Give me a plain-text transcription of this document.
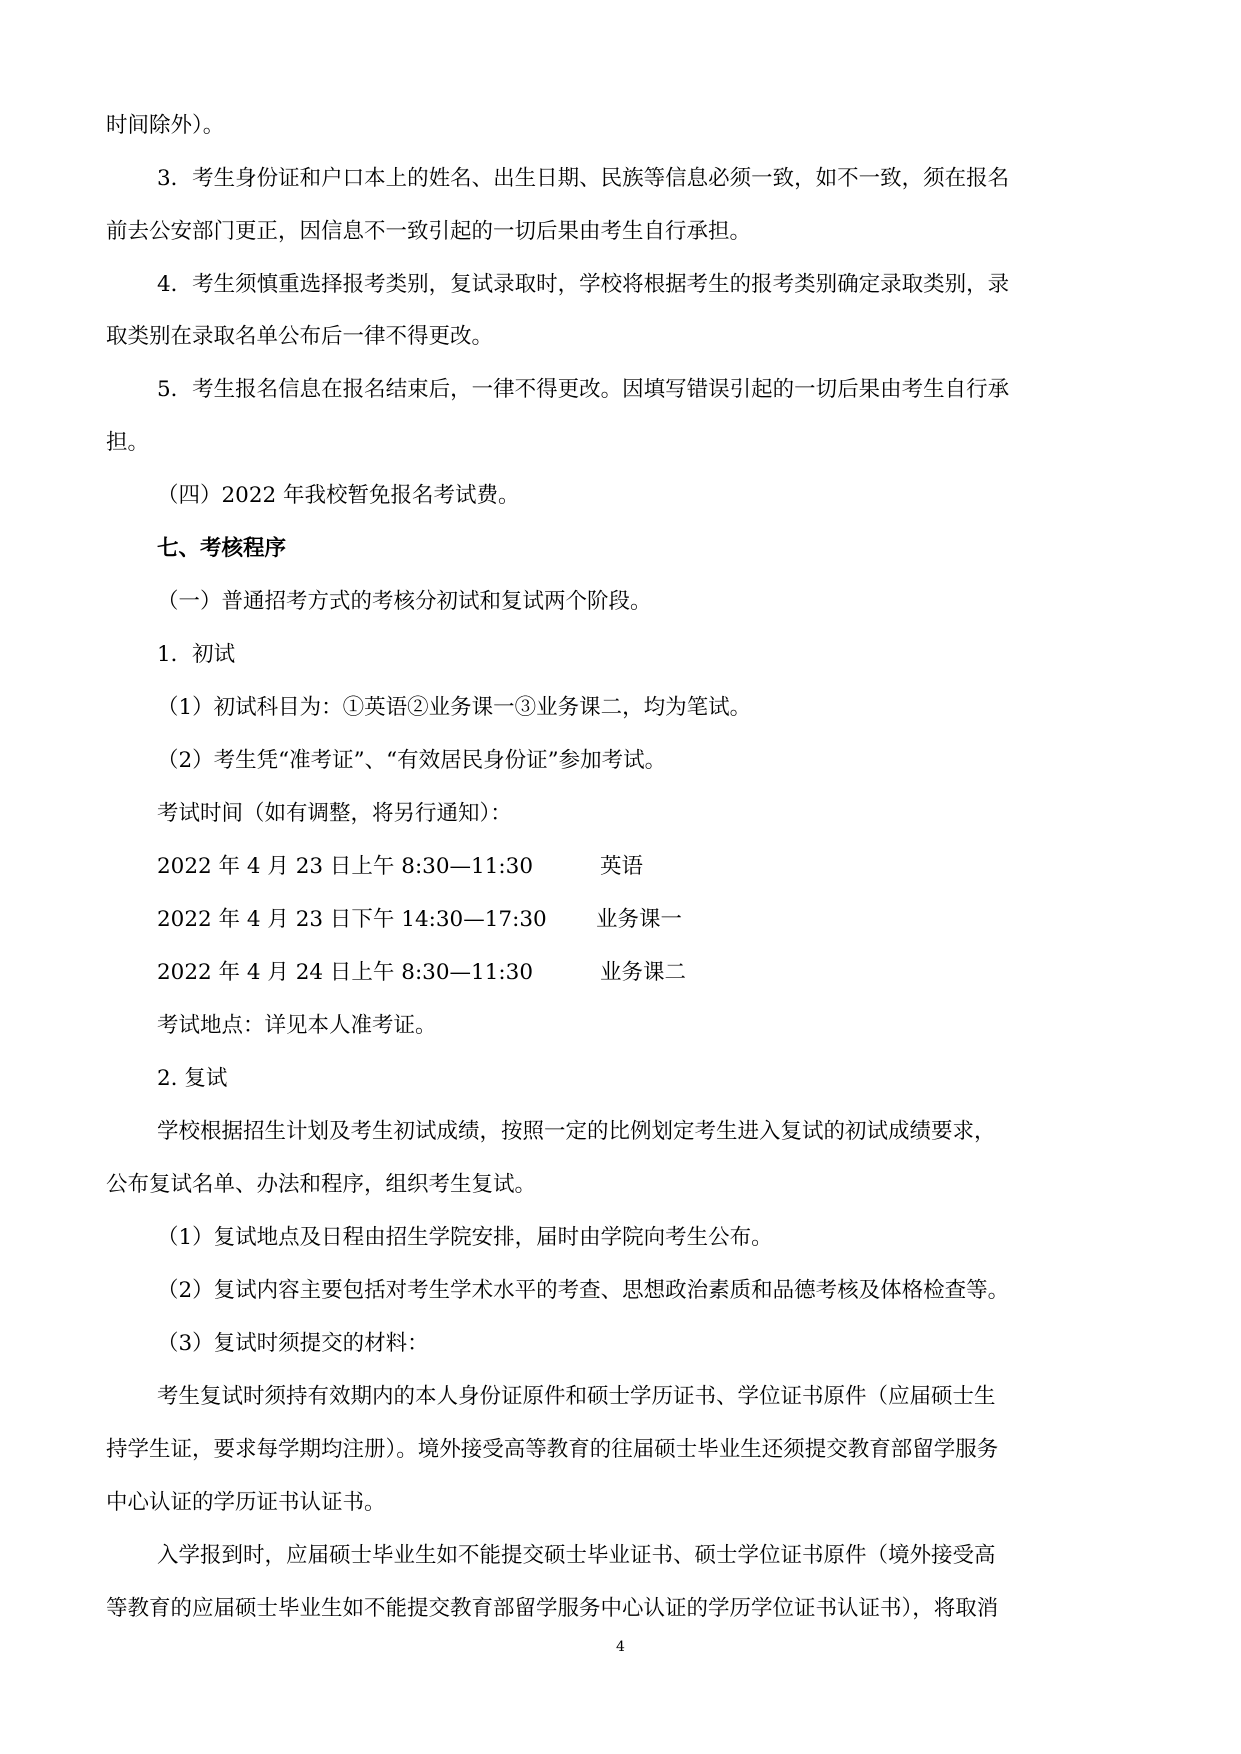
时间除外）。
3．考生身份证和户口本上的姓名、出生日期、民族等信息必须一致，如不一致，须在报名
前去公安部门更正，因信息不一致引起的一切后果由考生自行承担。
4．考生须慎重选择报考类别，复试录取时，学校将根据考生的报考类别确定录取类别，录
取类别在录取名单公布后一律不得更改。
5．考生报名信息在报名结束后，一律不得更改。因填写错误引起的一切后果由考生自行承
担。
（四）2022 年我校暂免报名考试费。
七、考核程序
（一）普通招考方式的考核分初试和复试两个阶段。
1．初试
（1）初试科目为：①英语②业务课一③业务课二，均为笔试。
（2）考生凭“准考证”、“有效居民身份证”参加考试。
考试时间（如有调整，将另行通知）：
2022 年 4 月 23 日上午 8:30—11:30	英语
2022 年 4 月 23 日下午 14:30—17:30 业务课一
2022 年 4 月 24 日上午 8:30—11:30	业务课二
考试地点：详见本人准考证。
2. 复试
学校根据招生计划及考生初试成绩，按照一定的比例划定考生进入复试的初试成绩要求，
公布复试名单、办法和程序，组织考生复试。
（1）复试地点及日程由招生学院安排，届时由学院向考生公布。
（2）复试内容主要包括对考生学术水平的考查、思想政治素质和品德考核及体格检查等。
（3）复试时须提交的材料：
考生复试时须持有效期内的本人身份证原件和硕士学历证书、学位证书原件（应届硕士生
持学生证，要求每学期均注册）。境外接受高等教育的往届硕士毕业生还须提交教育部留学服务
中心认证的学历证书认证书。
入学报到时，应届硕士毕业生如不能提交硕士毕业证书、硕士学位证书原件（境外接受高
等教育的应届硕士毕业生如不能提交教育部留学服务中心认证的学历学位证书认证书），将取消
4
